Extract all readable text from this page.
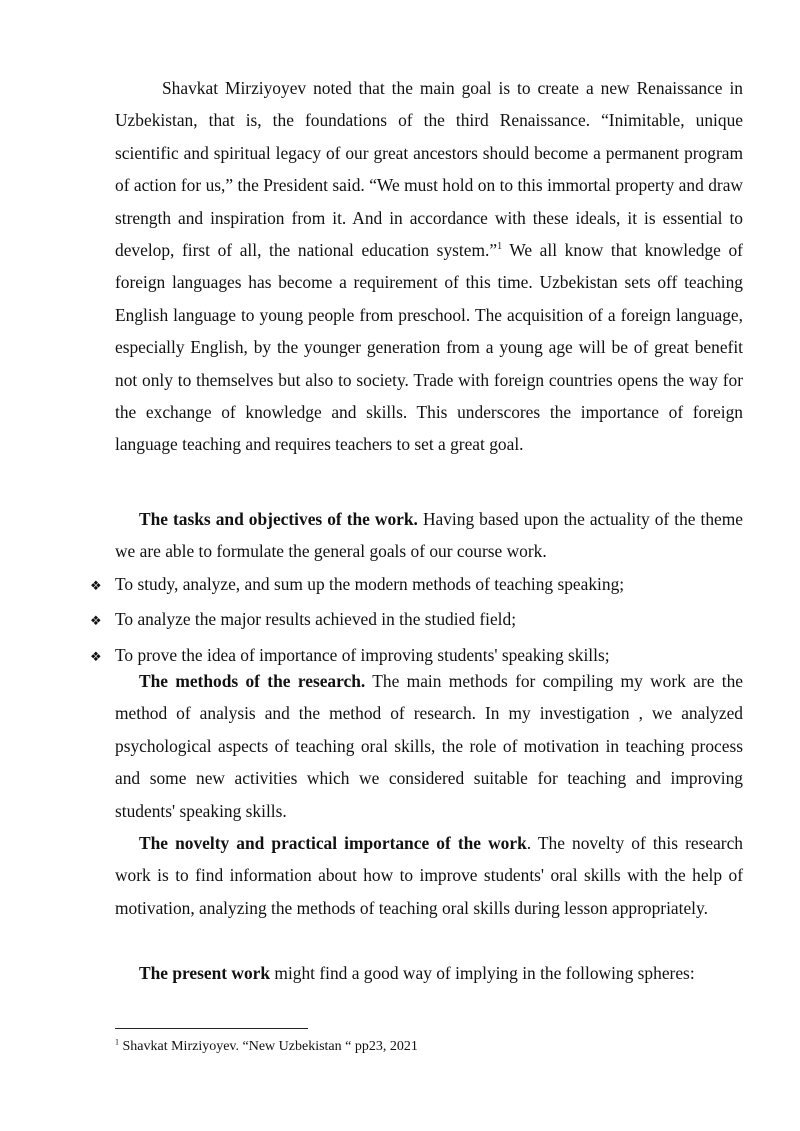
Shavkat Mirziyoyev noted that the main goal is to create a new Renaissance in Uzbekistan, that is, the foundations of the third Renaissance. “Inimitable, unique scientific and spiritual legacy of our great ancestors should become a permanent program of action for us,” the President said. “We must hold on to this immortal property and draw strength and inspiration from it. And in accordance with these ideals, it is essential to develop, first of all, the national education system.”$^1$ We all know that knowledge of foreign languages has become a requirement of this time. Uzbekistan sets off teaching English language to young people from preschool. The acquisition of a foreign language, especially English, by the younger generation from a young age will be of great benefit not only to themselves but also to society. Trade with foreign countries opens the way for the exchange of knowledge and skills. This underscores the importance of foreign language teaching and requires teachers to set a great goal.

The tasks and objectives of the work. Having based upon the actuality of the theme we are able to formulate the general goals of our course work.

❖ To study, analyze, and sum up the modern methods of teaching speaking;
❖ To analyze the major results achieved in the studied field;
❖ To prove the idea of importance of improving students' speaking skills;

The methods of the research. The main methods for compiling my work are the method of analysis and the method of research. In my investigation , we analyzed psychological aspects of teaching oral skills, the role of motivation in teaching process and some new activities which we considered suitable for teaching and improving students' speaking skills.

The novelty and practical importance of the work. The novelty of this research work is to find information about how to improve students' oral skills with the help of motivation, analyzing the methods of teaching oral skills during lesson appropriately.

The present work might find a good way of implying in the following spheres:

$^1$ Shavkat Mirziyoyev. “New Uzbekistan “ pp23, 2021
